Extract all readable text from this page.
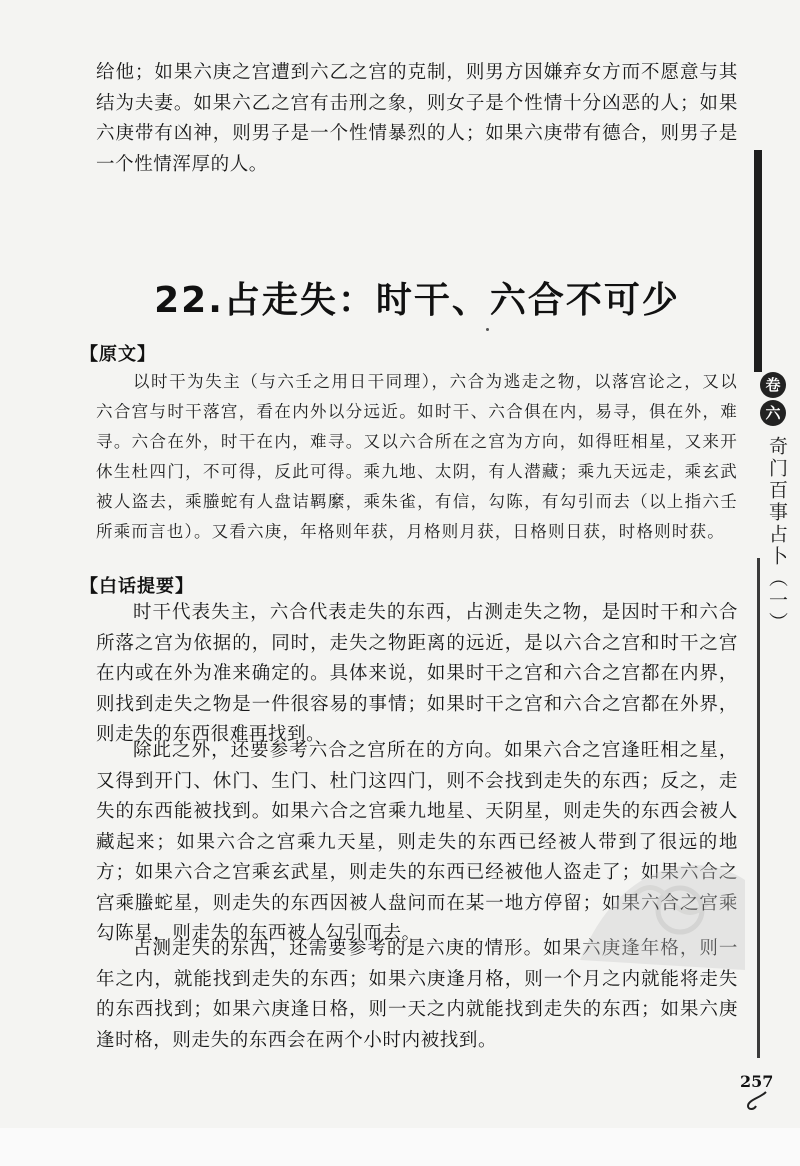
给他；如果六庚之宫遭到六乙之宫的克制，则男方因嫌弃女方而不愿意与其结为夫妻。如果六乙之宫有击刑之象，则女子是个性情十分凶恶的人；如果六庚带有凶神，则男子是一个性情暴烈的人；如果六庚带有德合，则男子是一个性情浑厚的人。

22.占走失：时干、六合不可少
【原文】

以时干为失主（与六壬之用日干同理），六合为逃走之物，以落宫论之，又以六合宫与时干落宫，看在内外以分远近。如时干、六合俱在内，易寻，俱在外，难寻。六合在外，时干在内，难寻。又以六合所在之宫为方向，如得旺相星，又来开休生杜四门，不可得，反此可得。乘九地、太阴，有人潜藏；乘九天远走，乘玄武被人盗去，乘螣蛇有人盘诘羁縻，乘朱雀，有信，勾陈，有勾引而去（以上指六壬所乘而言也）。又看六庚，年格则年获，月格则月获，日格则日获，时格则时获。

【白话提要】

时干代表失主，六合代表走失的东西，占测走失之物，是因时干和六合所落之宫为依据的，同时，走失之物距离的远近，是以六合之宫和时干之宫在内或在外为准来确定的。具体来说，如果时干之宫和六合之宫都在内界，则找到走失之物是一件很容易的事情；如果时干之宫和六合之宫都在外界，则走失的东西很难再找到。

除此之外，还要参考六合之宫所在的方向。如果六合之宫逢旺相之星，又得到开门、休门、生门、杜门这四门，则不会找到走失的东西；反之，走失的东西能被找到。如果六合之宫乘九地星、天阴星，则走失的东西会被人藏起来；如果六合之宫乘九天星，则走失的东西已经被人带到了很远的地方；如果六合之宫乘玄武星，则走失的东西已经被他人盗走了；如果六合之宫乘螣蛇星，则走失的东西因被人盘问而在某一地方停留；如果六合之宫乘勾陈星，则走失的东西被人勾引而去。

占测走失的东西，还需要参考的是六庚的情形。如果六庚逢年格，则一年之内，就能找到走失的东西；如果六庚逢月格，则一个月之内就能将走失的东西找到；如果六庚逢日格，则一天之内就能找到走失的东西；如果六庚逢时格，则走失的东西会在两个小时内被找到。

卷
六
奇门百事占卜（一）
257
